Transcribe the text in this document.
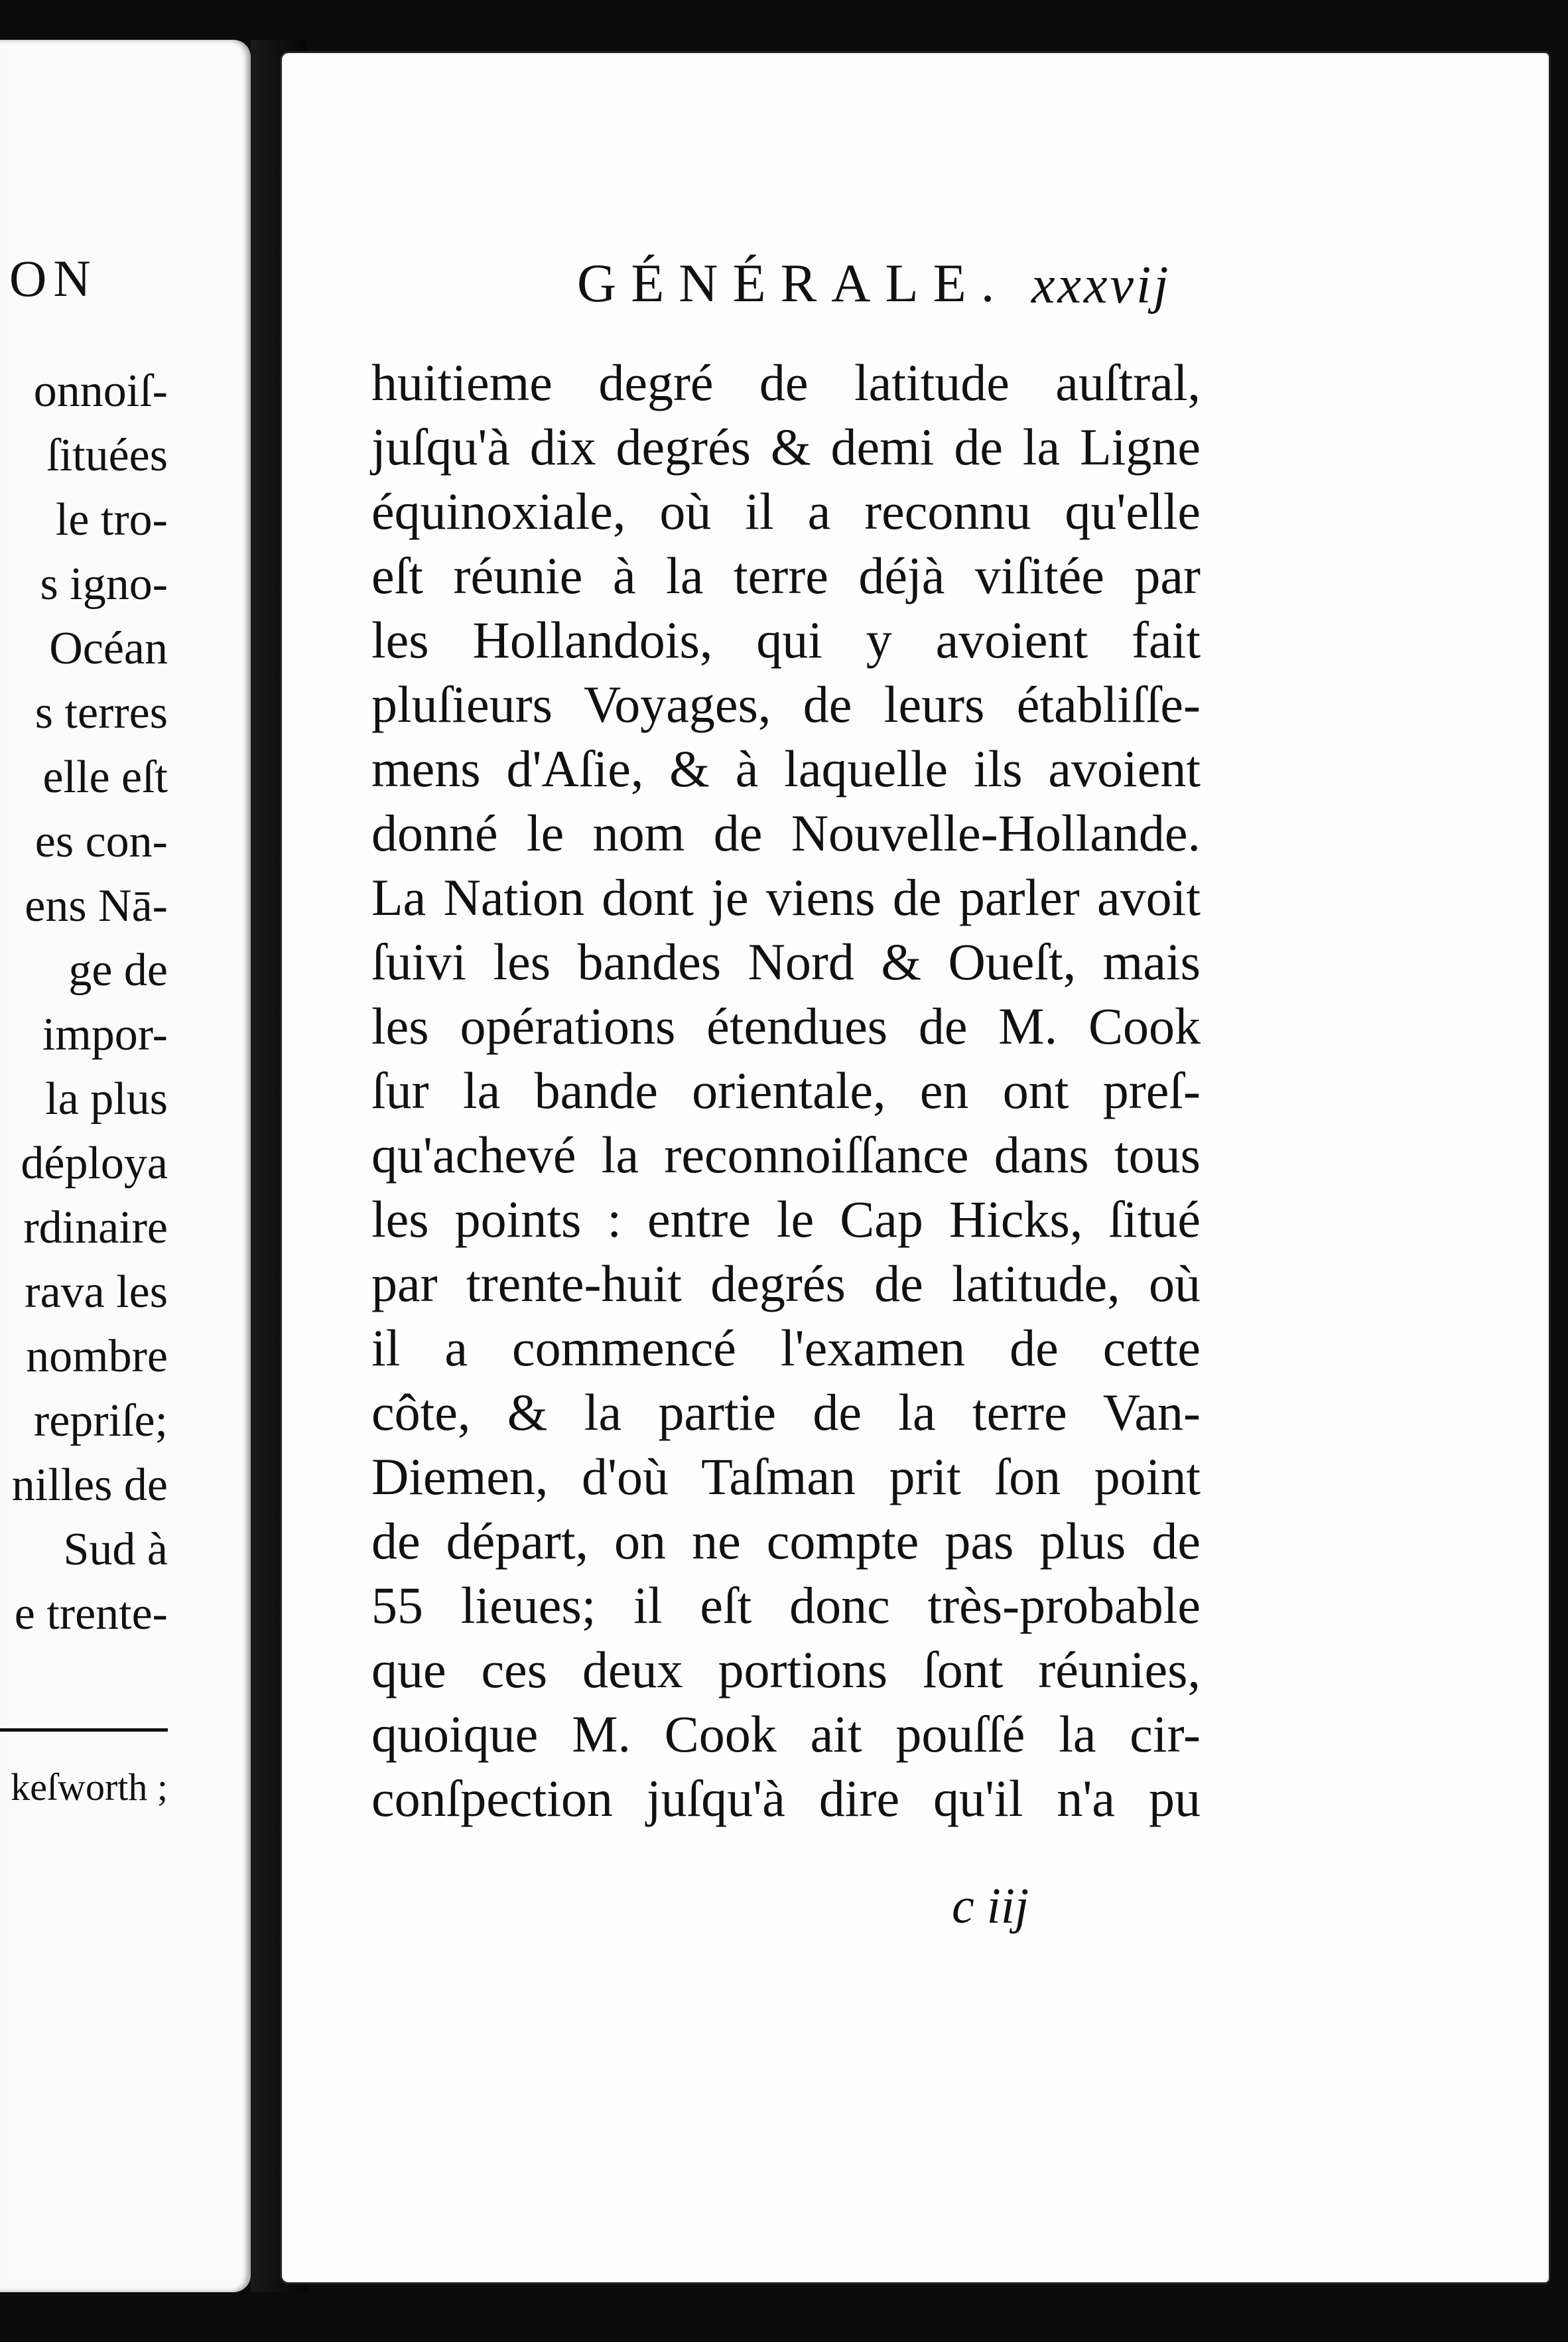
ON
onnoiſ-
ſituées
le tro-
s igno-
Océan
s terres
elle eſt
es con-
ens Nā-
ge de
impor-
la plus
déploya
rdinaire
rava les
nombre
repriſe;
nilles de
Sud à
e trente-
keſworth ;
GÉNÉRALE. xxxvij
huitieme degré de latitude auſtral,
juſqu'à dix degrés & demi de la Ligne
équinoxiale, où il a reconnu qu'elle
eſt réunie à la terre déjà viſitée par
les Hollandois, qui y avoient fait
pluſieurs Voyages, de leurs établiſſe-
mens d'Aſie, & à laquelle ils avoient
donné le nom de Nouvelle-Hollande.
La Nation dont je viens de parler avoit
ſuivi les bandes Nord & Oueſt, mais
les opérations étendues de M. Cook
ſur la bande orientale, en ont preſ-
qu'achevé la reconnoiſſance dans tous
les points : entre le Cap Hicks, ſitué
par trente-huit degrés de latitude, où
il a commencé l'examen de cette
côte, & la partie de la terre Van-
Diemen, d'où Taſman prit ſon point
de départ, on ne compte pas plus de
55 lieues; il eſt donc très-probable
que ces deux portions ſont réunies,
quoique M. Cook ait pouſſé la cir-
conſpection juſqu'à dire qu'il n'a pu
c iij
